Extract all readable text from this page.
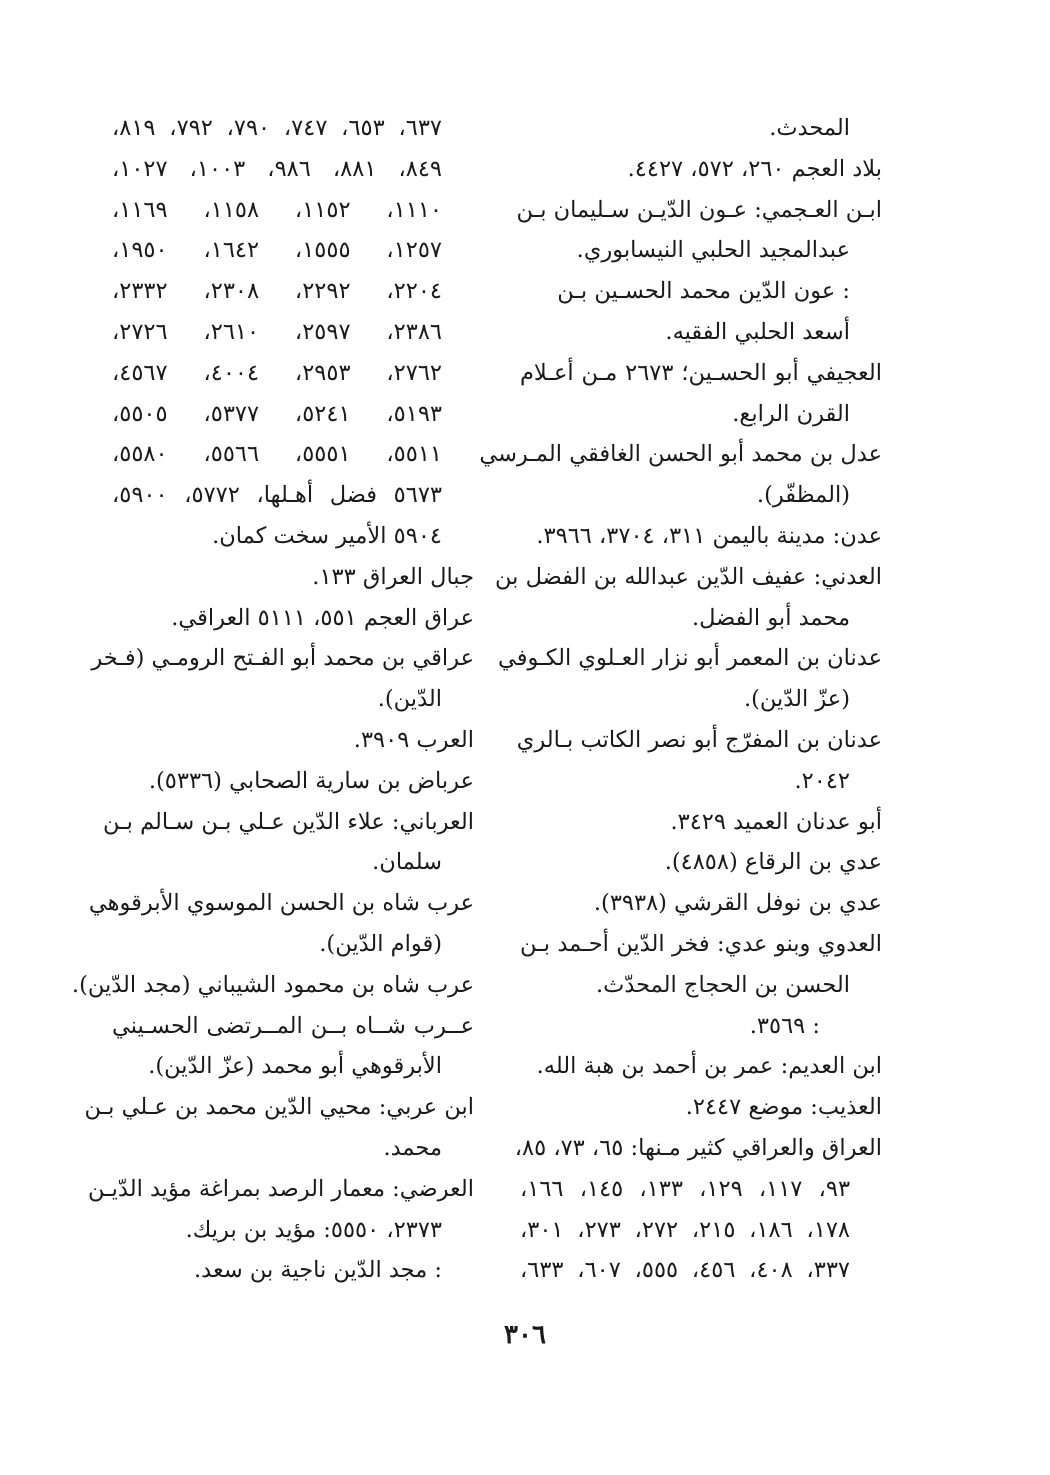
المحدث.
بلاد العجم ٢٦٠، ٥٧٢، ٤٤٢٧.
ابـن العـجمي: عـون الدّيـن سـليمان بـن
عبدالمجيد الحلبي النيسابوري.
: عون الدّين محمد الحسـين بـن
أسعد الحلبي الفقيه.
العجيفي أبو الحسـين؛ ٢٦٧٣ مـن أعـلام
القرن الرابع.
عدل بن محمد أبو الحسن الغافقي المـرسي
(المظفّر).
عدن: مدينة باليمن ٣١١، ٣٧٠٤، ٣٩٦٦.
العدني: عفيف الدّين عبدالله بن الفضل بن
محمد أبو الفضل.
عدنان بن المعمر أبو نزار العـلوي الكـوفي
(عزّ الدّين).
عدنان بن المفرّج أبو نصر الكاتب بـالري
٢٠٤٢.
أبو عدنان العميد ٣٤٢٩.
عدي بن الرقاع (٤٨٥٨).
عدي بن نوفل القرشي (٣٩٣٨).
العدوي وبنو عدي: فخر الدّين أحـمد بـن
الحسن بن الحجاج المحدّث.
: ٣٥٦٩.
ابن العديم: عمر بن أحمد بن هبة الله.
العذيب: موضع ٢٤٤٧.
العراق والعراقي كثير مـنها: ٦٥، ٧٣، ٨٥،
٩٣، ١١٧، ١٢٩، ١٣٣، ١٤٥، ١٦٦،
١٧٨، ١٨٦، ٢١٥، ٢٧٢، ٢٧٣، ٣٠١،
٣٣٧، ٤٠٨، ٤٥٦، ٥٥٥، ٦٠٧، ٦٣٣،
٦٣٧، ٦٥٣، ٧٤٧، ٧٩٠، ٧٩٢، ٨١٩،
٨٤٩، ٨٨١، ٩٨٦، ١٠٠٣، ١٠٢٧،
١١١٠، ١١٥٢، ١١٥٨، ١١٦٩،
١٢٥٧، ١٥٥٥، ١٦٤٢، ١٩٥٠،
٢٢٠٤، ٢٢٩٢، ٢٣٠٨، ٢٣٣٢،
٢٣٨٦، ٢٥٩٧، ٢٦١٠، ٢٧٢٦،
٢٧٦٢، ٢٩٥٣، ٤٠٠٤، ٤٥٦٧،
٥١٩٣، ٥٢٤١، ٥٣٧٧، ٥٥٠٥،
٥٥١١، ٥٥٥١، ٥٥٦٦، ٥٥٨٠،
٥٦٧٣ فضل أهـلها، ٥٧٧٢، ٥٩٠٠،
٥٩٠٤ الأمير سخت كمان.
جبال العراق ١٣٣.
عراق العجم ٥٥١، ٥١١١ العراقي.
عراقي بن محمد أبو الفـتح الرومـي (فـخر
الدّين).
العرب ٣٩٠٩.
عرباض بن سارية الصحابي (٥٣٣٦).
العرباني: علاء الدّين عـلي بـن سـالم بـن
سلمان.
عرب شاه بن الحسن الموسوي الأبرقوهي
(قوام الدّين).
عرب شاه بن محمود الشيباني (مجد الدّين).
عــرب شــاه بــن المــرتضى الحسـيني
الأبرقوهي أبو محمد (عزّ الدّين).
ابن عربي: محيي الدّين محمد بن عـلي بـن
محمد.
العرضي: معمار الرصد بمراغة مؤيد الدّيـن
٢٣٧٣، ٥٥٥٠: مؤيد بن بريك.
: مجد الدّين ناجية بن سعد.
٣٠٦
